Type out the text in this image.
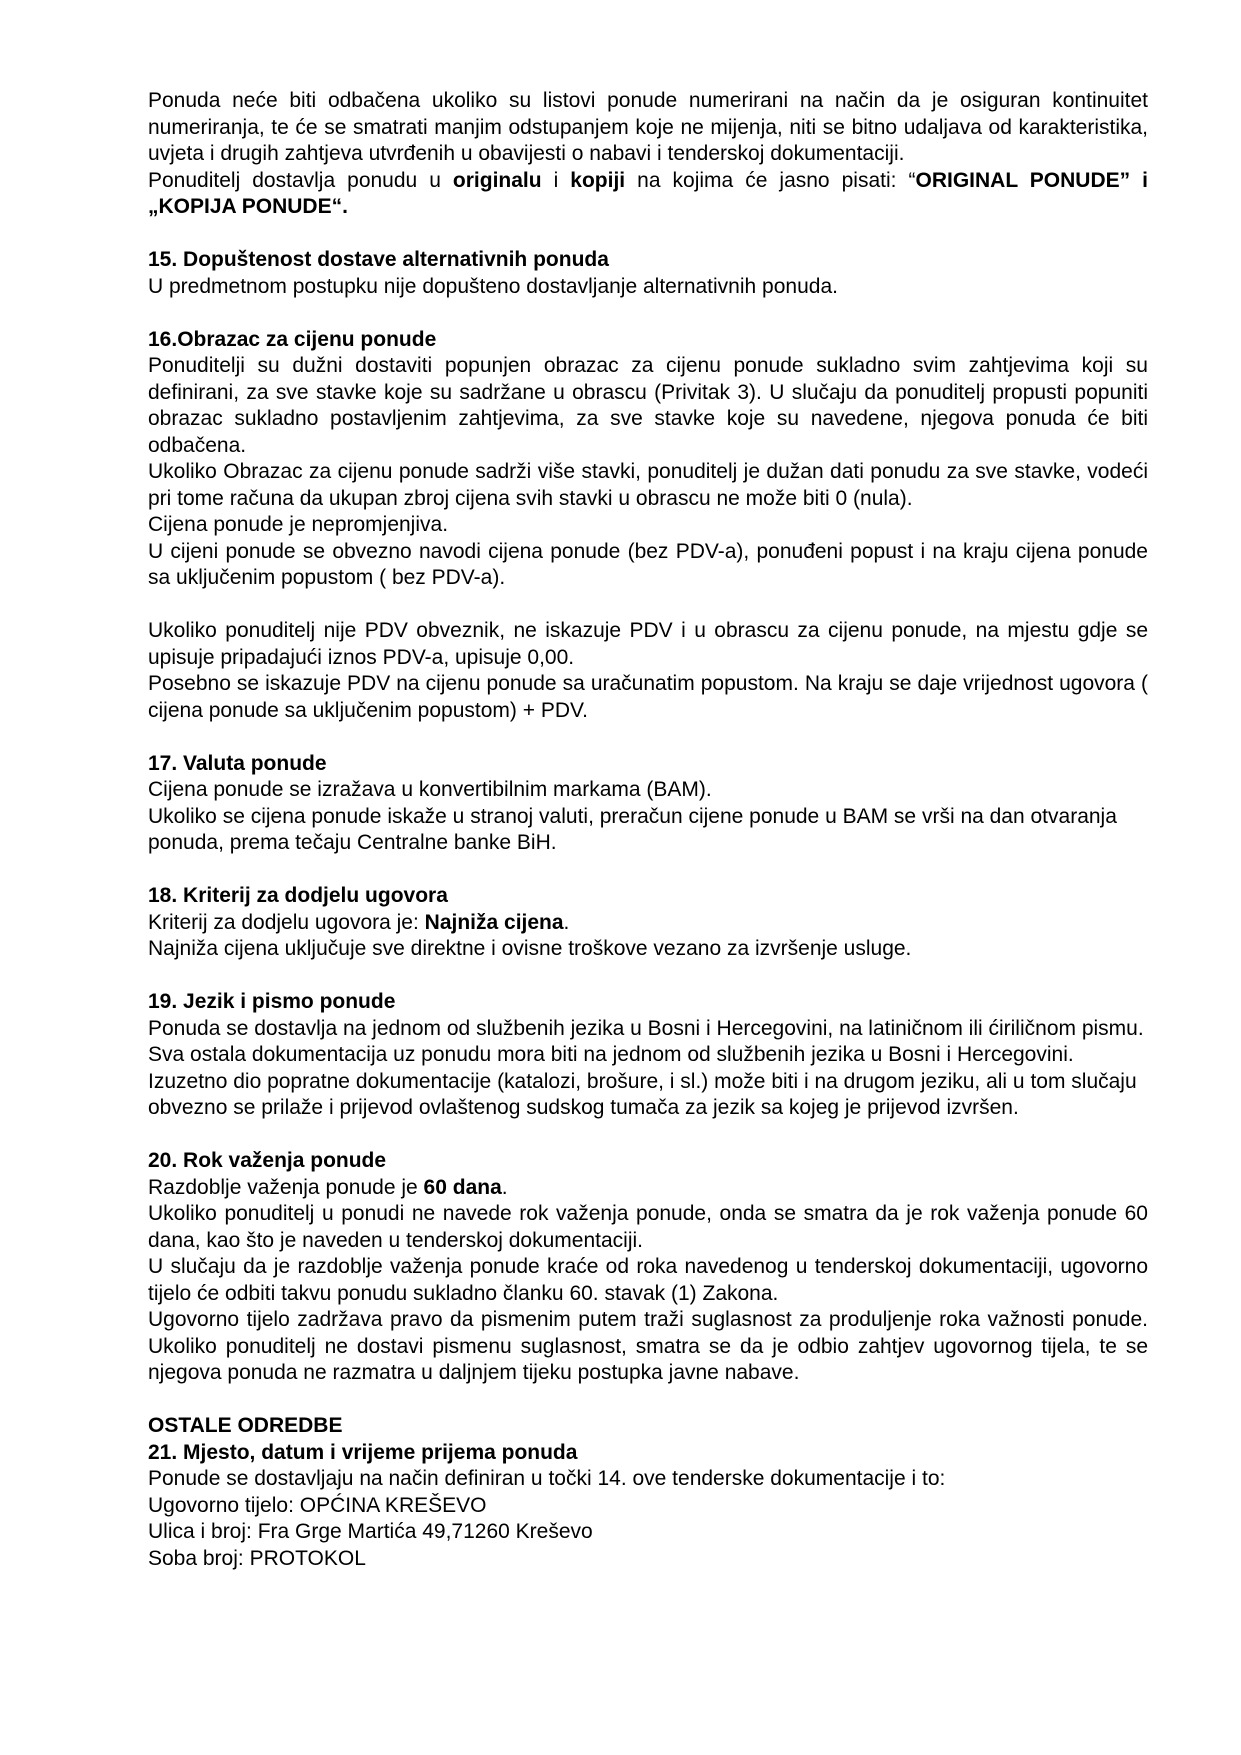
Ponuda neće biti odbačena ukoliko su listovi ponude numerirani na način da je osiguran kontinuitet numeriranja, te će se smatrati manjim odstupanjem koje ne mijenja, niti se bitno udaljava od karakteristika, uvjeta i drugih zahtjeva utvrđenih u obavijesti o nabavi i tenderskoj dokumentaciji.

Ponuditelj dostavlja ponudu u originalu i kopiji na kojima će jasno pisati: “ORIGINAL PONUDE” i „KOPIJA PONUDE“.

15. Dopuštenost dostave alternativnih ponuda

U predmetnom postupku nije dopušteno dostavljanje alternativnih ponuda.

16.Obrazac za cijenu ponude

Ponuditelji su dužni dostaviti popunjen obrazac za cijenu ponude sukladno svim zahtjevima koji su definirani, za sve stavke koje su sadržane u obrascu (Privitak 3). U slučaju da ponuditelj propusti popuniti obrazac sukladno postavljenim zahtjevima, za sve stavke koje su navedene, njegova ponuda će biti odbačena.

Ukoliko Obrazac za cijenu ponude sadrži više stavki, ponuditelj je dužan dati ponudu za sve stavke, vodeći pri tome računa da ukupan zbroj cijena svih stavki u obrascu ne može biti 0 (nula).

Cijena ponude je nepromjenjiva.

U cijeni ponude se obvezno navodi cijena ponude (bez PDV-a), ponuđeni popust i na kraju cijena ponude sa uključenim popustom ( bez PDV-a).

Ukoliko ponuditelj nije PDV obveznik, ne iskazuje PDV i u obrascu za cijenu ponude, na mjestu gdje se upisuje pripadajući iznos PDV-a, upisuje 0,00.

Posebno se iskazuje PDV na cijenu ponude sa uračunatim popustom. Na kraju se daje vrijednost ugovora ( cijena ponude sa uključenim popustom) + PDV.

17. Valuta ponude

Cijena ponude se izražava u konvertibilnim markama (BAM).

Ukoliko se cijena ponude iskaže u stranoj valuti, preračun cijene ponude u BAM se vrši na dan otvaranja ponuda, prema tečaju Centralne banke BiH.

18. Kriterij za dodjelu ugovora

Kriterij za dodjelu ugovora je: Najniža cijena.

Najniža cijena uključuje sve direktne i ovisne troškove vezano za izvršenje usluge.

19. Jezik i pismo ponude

Ponuda se dostavlja na jednom od službenih jezika u Bosni i Hercegovini, na latiničnom ili ćiriličnom pismu. Sva ostala dokumentacija uz ponudu mora biti na jednom od službenih jezika u Bosni i Hercegovini.

Izuzetno dio popratne dokumentacije (katalozi, brošure, i sl.) može biti i na drugom jeziku, ali u tom slučaju obvezno se prilaže i prijevod ovlaštenog sudskog tumača za jezik sa kojeg je prijevod izvršen.

20. Rok važenja ponude

Razdoblje važenja ponude je 60 dana.

Ukoliko ponuditelj u ponudi ne navede rok važenja ponude, onda se smatra da je rok važenja ponude 60 dana, kao što je naveden u tenderskoj dokumentaciji.

U slučaju da je razdoblje važenja ponude kraće od roka navedenog u tenderskoj dokumentaciji, ugovorno tijelo će odbiti takvu ponudu sukladno članku 60. stavak (1) Zakona.

Ugovorno tijelo zadržava pravo da pismenim putem traži suglasnost za produljenje roka važnosti ponude. Ukoliko ponuditelj ne dostavi pismenu suglasnost, smatra se da je odbio zahtjev ugovornog tijela, te se njegova ponuda ne razmatra u daljnjem tijeku postupka javne nabave.

OSTALE ODREDBE

21. Mjesto, datum i vrijeme prijema ponuda

Ponude se dostavljaju na način definiran u točki 14. ove tenderske dokumentacije i to:

Ugovorno tijelo: OPĆINA KREŠEVO

Ulica i broj: Fra Grge Martića 49,71260 Kreševo

Soba broj: PROTOKOL
